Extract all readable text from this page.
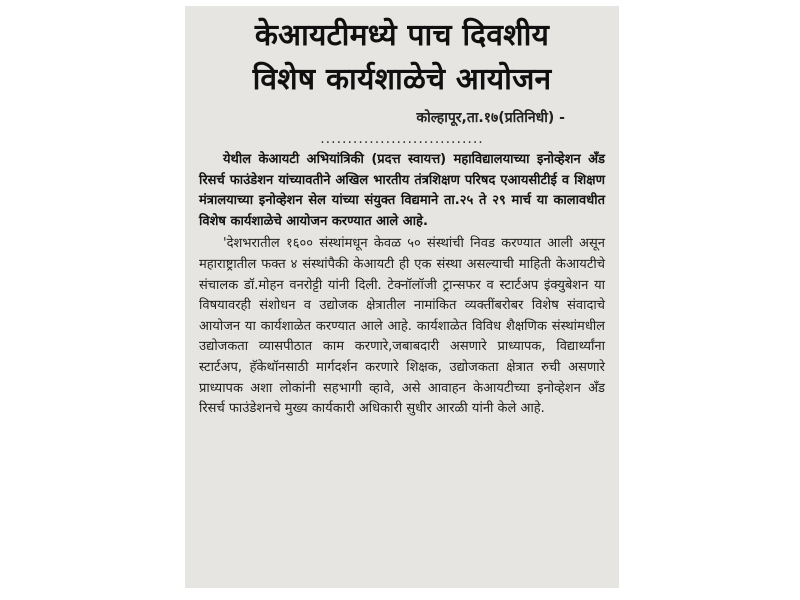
केआयटीमध्ये पाच दिवशीय
विशेष कार्यशाळेचे आयोजन
कोल्हापूर,ता.१७(प्रतिनिधी) -
..............................

येथील केआयटी अभियांत्रिकी (प्रदत्त स्वायत्त) महाविद्यालयाच्या इनोव्हेशन अँड रिसर्च फाउंडेशन यांच्यावतीने अखिल भारतीय तंत्रशिक्षण परिषद एआयसीटीई व शिक्षण मंत्रालयाच्या इनोव्हेशन सेल यांच्या संयुक्त विद्यमाने ता.२५ ते २९ मार्च या कालावधीत विशेष कार्यशाळेचे आयोजन करण्यात आले आहे.

'देशभरातील १६०० संस्थांमधून केवळ ५० संस्थांची निवड करण्यात आली असून महाराष्ट्रातील फक्त ४ संस्थांपैकी केआयटी ही एक संस्था असल्याची माहिती केआयटीचे संचालक डॉ.मोहन वनरोट्टी यांनी दिली. टेक्नॉलॉजी ट्रान्सफर व स्टार्टअप इंक्युबेशन या विषयावरही संशोधन व उद्योजक क्षेत्रातील नामांकित व्यक्तींबरोबर विशेष संवादाचे आयोजन या कार्यशाळेत करण्यात आले आहे. कार्यशाळेत विविध शैक्षणिक संस्थांमधील उद्योजकता व्यासपीठात काम करणारे,जबाबदारी असणारे प्राध्यापक, विद्यार्थ्यांना स्टार्टअप, हॅकेथॉनसाठी मार्गदर्शन करणारे शिक्षक, उद्योजकता क्षेत्रात रुची असणारे प्राध्यापक अशा लोकांनी सहभागी व्हावे, असे आवाहन केआयटीच्या इनोव्हेशन अँड रिसर्च फाउंडेशनचे मुख्य कार्यकारी अधिकारी सुधीर आरळी यांनी केले आहे.
